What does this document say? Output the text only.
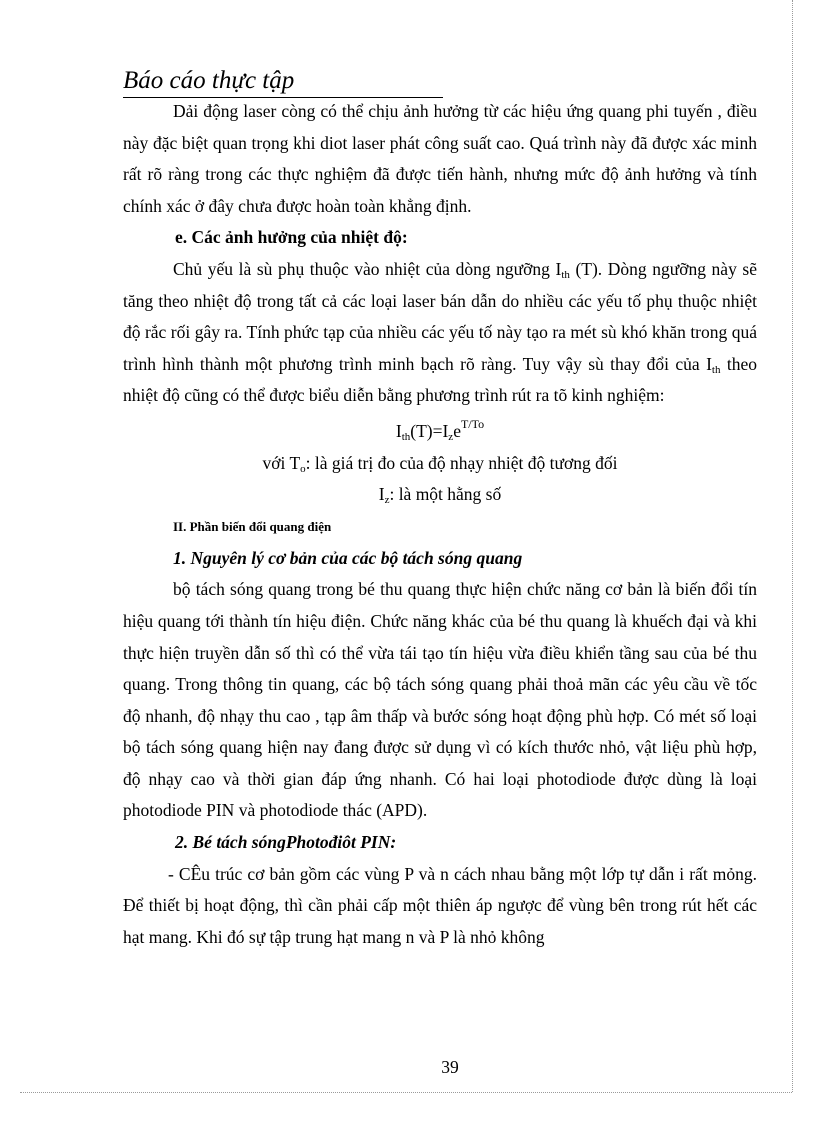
Báo cáo thực tập

Dải động laser còng có thể chịu ảnh hưởng từ các hiệu ứng quang phi tuyến , điều này đặc biệt quan trọng khi diot laser phát công suất cao. Quá trình này đã được xác minh rất rõ ràng trong các thực nghiệm đã được tiến hành, nhưng mức độ ảnh hưởng và tính chính xác ở đây chưa được hoàn toàn khẳng định.

e. Các ảnh hưởng của nhiệt độ:

Chủ yếu là sù phụ thuộc vào nhiệt của dòng ngưỡng $I_{th}$ (T). Dòng ngưỡng này sẽ tăng theo nhiệt độ trong tất cả các loại laser bán dẫn do nhiều các yếu tố phụ thuộc nhiệt độ rắc rối gây ra. Tính phức tạp của nhiều các yếu tố này tạo ra mét sù khó khăn trong quá trình hình thành một phương trình minh bạch rõ ràng. Tuy vậy sù thay đổi của $I_{th}$ theo nhiệt độ cũng có thể được biểu diễn bằng phương trình rút ra tõ kinh nghiệm:

$I_{th}(T)=I_ze^{T/To}$

với $T_o$: là giá trị đo của độ nhạy nhiệt độ tương đối

$I_z$: là một hằng số

II. Phần biến đổi quang điện

1. Nguyên lý cơ bản của các bộ tách sóng quang

bộ tách sóng quang trong bé thu quang thực hiện chức năng cơ bản là biến đổi tín hiệu quang tới thành tín hiệu điện. Chức năng khác của bé thu quang là khuếch đại và khi thực hiện truyền dẫn số thì có thể vừa tái tạo tín hiệu vừa điều khiển tầng sau của bé thu quang. Trong thông tin quang, các bộ tách sóng quang phải thoả mãn các yêu cầu về tốc độ nhanh, độ nhạy thu cao , tạp âm thấp và bước sóng hoạt động phù hợp. Có mét số loại bộ tách sóng quang hiện nay đang được sử dụng vì có kích thước nhỏ, vật liệu phù hợp, độ nhạy cao và thời gian đáp ứng nhanh. Có hai loại photodiode được dùng là loại photodiode PIN và photodiode thác (APD).

2. Bé tách sóngPhotođiôt PIN:

- CÊu trúc cơ bản gồm các vùng P và n cách nhau bằng một lớp tự dẫn i rất mỏng. Để thiết bị hoạt động, thì cần phải cấp một thiên áp ngược để vùng bên trong rút hết các hạt mang. Khi đó sự tập trung hạt mang n và P là nhỏ không

39
